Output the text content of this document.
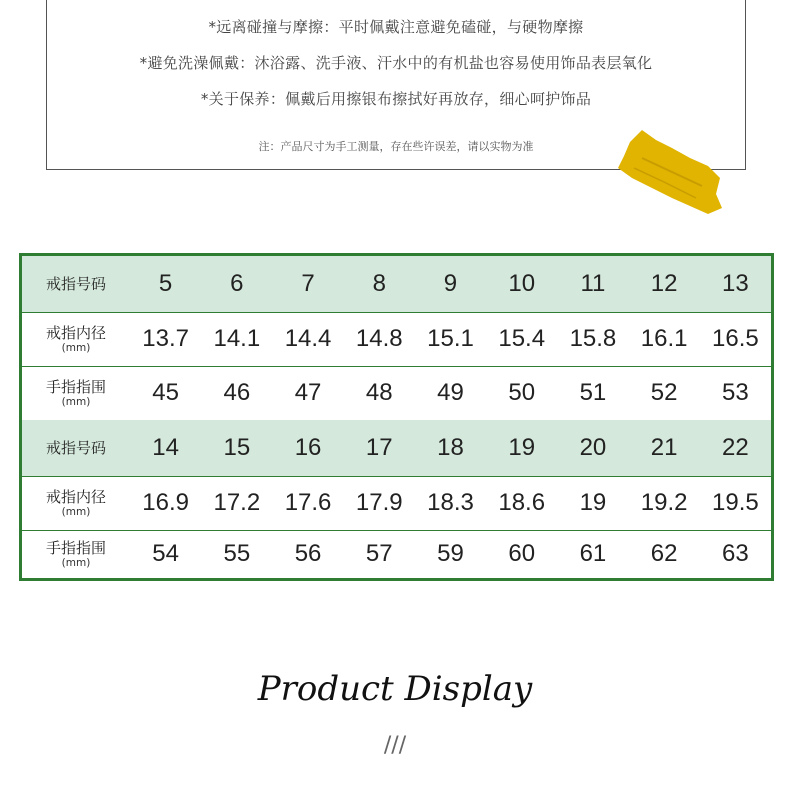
*远离碰撞与摩擦：平时佩戴注意避免磕碰，与硬物摩擦
*避免洗澡佩戴：沐浴露、洗手液、汗水中的有机盐也容易使用饰品表层氧化
*关于保养：佩戴后用擦银布擦拭好再放存，细心呵护饰品
注：产品尺寸为手工测量，存在些许误差，请以实物为准
戒指号码	5	6	7	8	9	10	11	12	13
戒指内径
(mm)	13.7	14.1	14.4	14.8	15.1	15.4	15.8	16.1	16.5
手指指围
(mm)	45	46	47	48	49	50	51	52	53
戒指号码	14	15	16	17	18	19	20	21	22
戒指内径
(mm)	16.9	17.2	17.6	17.9	18.3	18.6	19	19.2	19.5
手指指围
(mm)	54	55	56	57	59	60	61	62	63
Product Display
///
